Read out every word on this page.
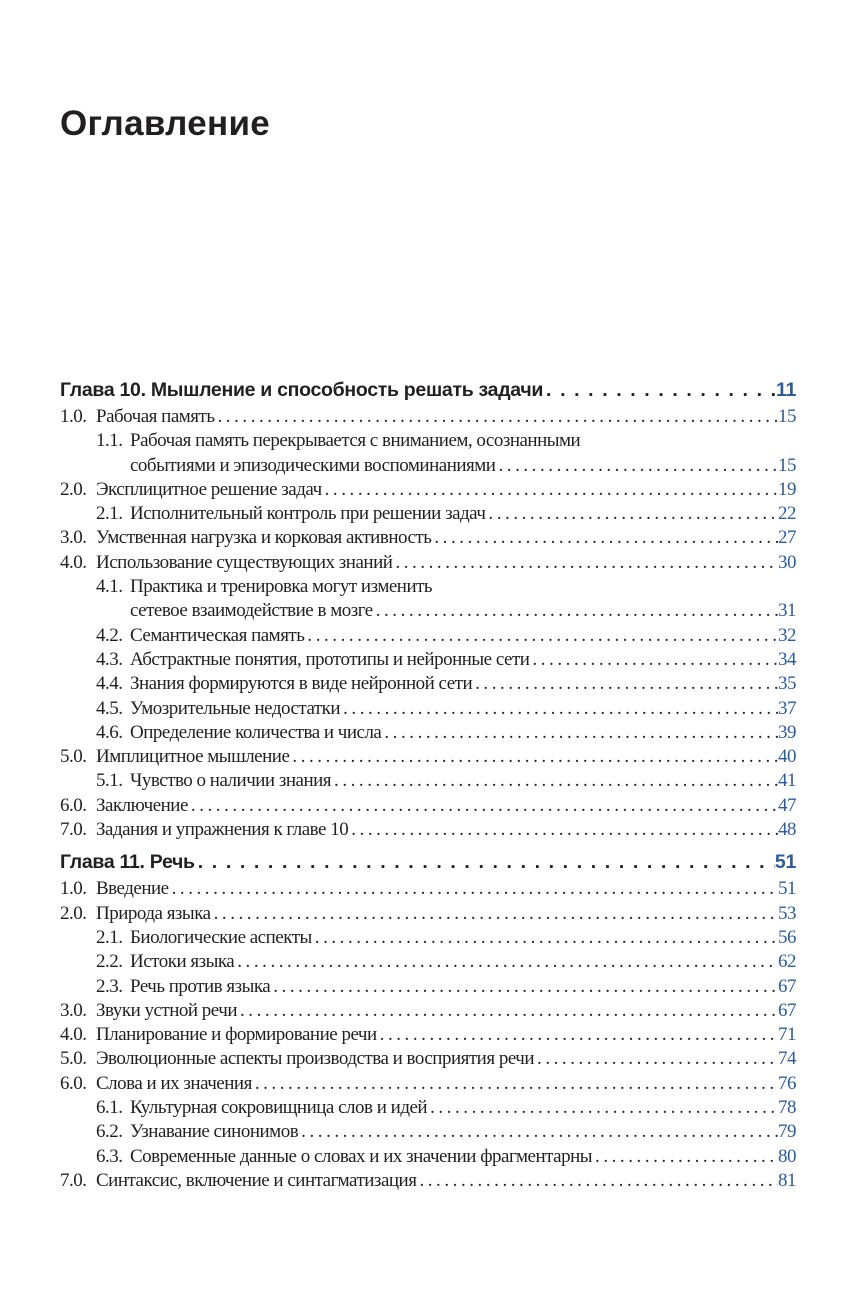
Оглавление
Глава 10. Мышление и способность решать задачи . . .	11
1.0. Рабочая память . . .	15
1.1. Рабочая память перекрывается с вниманием, осознанными
событиями и эпизодическими воспоминаниями . . .	15
2.0. Эксплицитное решение задач . . .	19
2.1. Исполнительный контроль при решении задач . . .	22
3.0. Умственная нагрузка и корковая активность . . .	27
4.0. Использование существующих знаний . . .	30
4.1. Практика и тренировка могут изменить
сетевое взаимодействие в мозге . . .	31
4.2. Семантическая память . . .	32
4.3. Абстрактные понятия, прототипы и нейронные сети . . .	34
4.4. Знания формируются в виде нейронной сети . . .	35
4.5. Умозрительные недостатки . . .	37
4.6. Определение количества и числа . . .	39
5.0. Имплицитное мышление . . .	40
5.1. Чувство о наличии знания . . .	41
6.0. Заключение . . .	47
7.0. Задания и упражнения к главе 10 . . .	48
Глава 11. Речь . . .	51
1.0. Введение . . .	51
2.0. Природа языка . . .	53
2.1. Биологические аспекты . . .	56
2.2. Истоки языка . . .	62
2.3. Речь против языка . . .	67
3.0. Звуки устной речи . . .	67
4.0. Планирование и формирование речи . . .	71
5.0. Эволюционные аспекты производства и восприятия речи . . .	74
6.0. Слова и их значения . . .	76
6.1. Культурная сокровищница слов и идей . . .	78
6.2. Узнавание синонимов . . .	79
6.3. Современные данные о словах и их значении фрагментарны . . .	80
7.0. Синтаксис, включение и синтагматизация . . .	81
